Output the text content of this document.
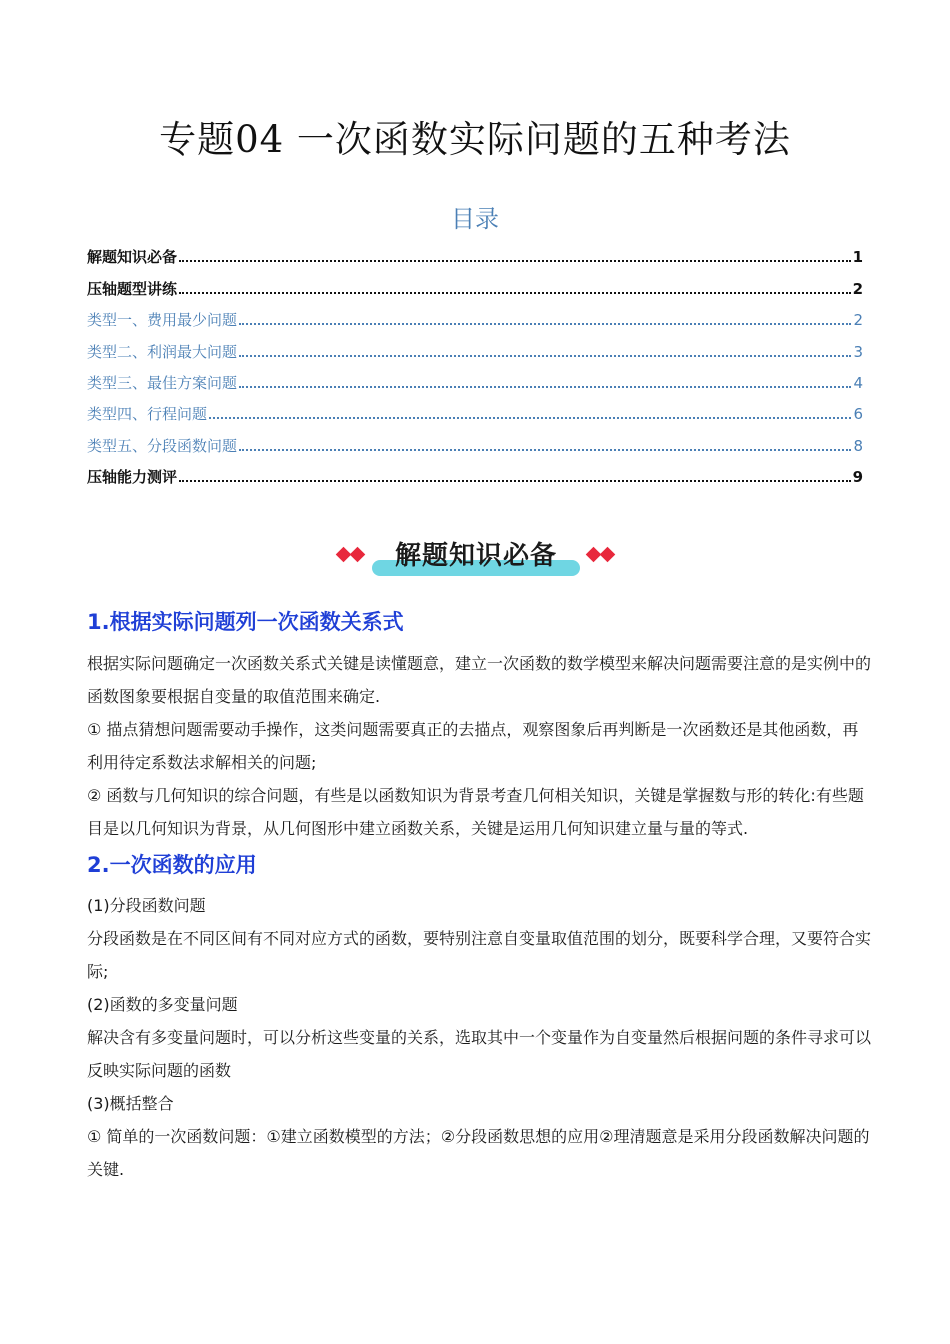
专题04 一次函数实际问题的五种考法
目录
解题知识必备	1
压轴题型讲练	2
类型一、费用最少问题	2
类型二、利润最大问题	3
类型三、最佳方案问题	4
类型四、行程问题	6
类型五、分段函数问题	8
压轴能力测评	9
解题知识必备
1.根据实际问题列一次函数关系式
根据实际问题确定一次函数关系式关键是读懂题意，建立一次函数的数学模型来解决问题需要注意的是实例中的函数图象要根据自变量的取值范围来确定.
① 描点猜想问题需要动手操作，这类问题需要真正的去描点，观察图象后再判断是一次函数还是其他函数，再利用待定系数法求解相关的问题;
② 函数与几何知识的综合问题，有些是以函数知识为背景考查几何相关知识，关键是掌握数与形的转化:有些题目是以几何知识为背景，从几何图形中建立函数关系，关键是运用几何知识建立量与量的等式.
2.一次函数的应用
(1)分段函数问题
分段函数是在不同区间有不同对应方式的函数，要特别注意自变量取值范围的划分，既要科学合理，又要符合实际;
(2)函数的多变量问题
解决含有多变量问题时，可以分析这些变量的关系，选取其中一个变量作为自变量然后根据问题的条件寻求可以反映实际问题的函数
(3)概括整合
① 简单的一次函数问题：①建立函数模型的方法；②分段函数思想的应用②理清题意是采用分段函数解决问题的关键.
